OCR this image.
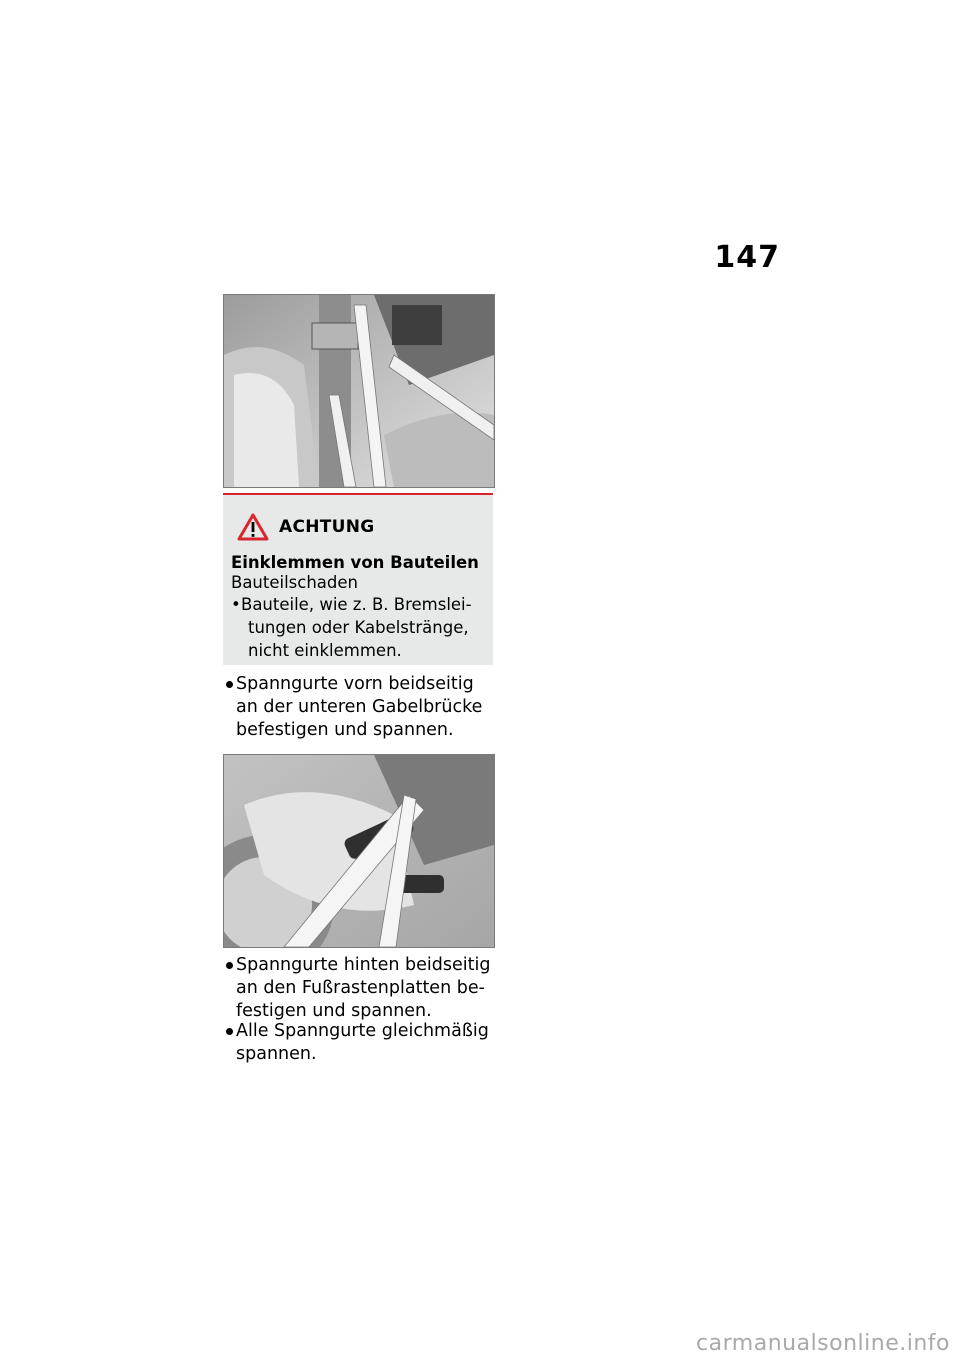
147
ACHTUNG
Einklemmen von Bauteilen
Bauteilschaden
• Bauteile, wie z. B. Bremslei-
tungen oder Kabelstränge,
nicht einklemmen.
Spanngurte vorn beidseitig
an der unteren Gabelbrücke
befestigen und spannen.
Spanngurte hinten beidseitig
an den Fußrastenplatten be-
festigen und spannen.
Alle Spanngurte gleichmäßig
spannen.
carmanualsonline.info
